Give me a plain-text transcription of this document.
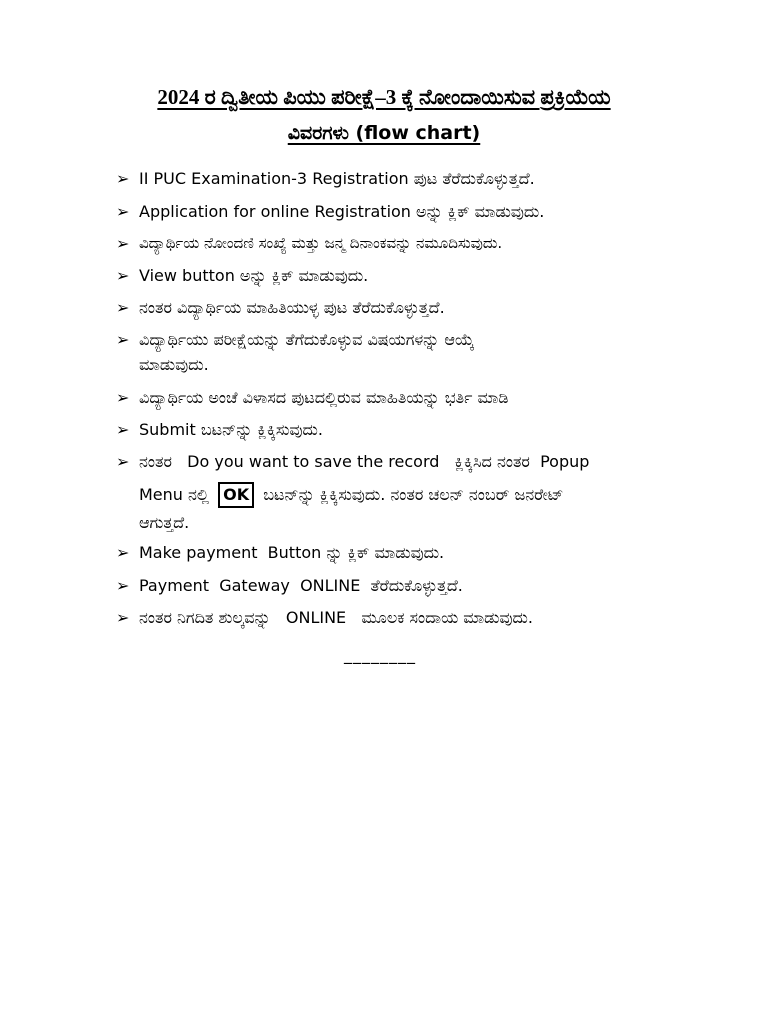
2024 ರ ದ್ವಿತೀಯ ಪಿಯು ಪರೀಕ್ಷೆ–3 ಕ್ಕೆ ನೋಂದಾಯಿಸುವ ಪ್ರಕ್ರಿಯೆಯ
ವಿವರಗಳು (flow chart)
➢ II PUC Examination-3 Registration ಪುಟ ತೆರೆದುಕೊಳ್ಳುತ್ತದೆ.
➢ Application for online Registration ಅನ್ನು ಕ್ಲಿಕ್ ಮಾಡುವುದು.
➢ ವಿದ್ಯಾರ್ಥಿಯ ನೋಂದಣಿ ಸಂಖ್ಯೆ ಮತ್ತು ಜನ್ಮ ದಿನಾಂಕವನ್ನು ನಮೂದಿಸುವುದು.
➢ View button ಅನ್ನು ಕ್ಲಿಕ್ ಮಾಡುವುದು.
➢ ನಂತರ ವಿದ್ಯಾರ್ಥಿಯ ಮಾಹಿತಿಯುಳ್ಳ ಪುಟ ತೆರೆದುಕೊಳ್ಳುತ್ತದೆ.
➢ ವಿದ್ಯಾರ್ಥಿಯು ಪರೀಕ್ಷೆಯನ್ನು ತೆಗೆದುಕೊಳ್ಳುವ ವಿಷಯಗಳನ್ನು ಆಯ್ಕೆ
ಮಾಡುವುದು.
➢ ವಿದ್ಯಾರ್ಥಿಯ ಅಂಚೆ ವಿಳಾಸದ ಪುಟದಲ್ಲಿರುವ ಮಾಹಿತಿಯನ್ನು ಭರ್ತಿ ಮಾಡಿ
➢ Submit ಬಟನ್‌ನ್ನು ಕ್ಲಿಕ್ಕಿಸುವುದು.
➢ ನಂತರ   Do you want to save the record   ಕ್ಲಿಕ್ಕಿಸಿದ ನಂತರ  Popup
Menu ನಲ್ಲಿ OK ಬಟನ್‌ನ್ನು ಕ್ಲಿಕ್ಕಿಸುವುದು. ನಂತರ ಚಲನ್ ನಂಬರ್ ಜನರೇಟ್
ಆಗುತ್ತದೆ.
➢ Make payment  Button ನ್ನು ಕ್ಲಿಕ್ ಮಾಡುವುದು.
➢ Payment  Gateway  ONLINE  ತೆರೆದುಕೊಳ್ಳುತ್ತದೆ.
➢ ನಂತರ ನಿಗದಿತ ಶುಲ್ಕವನ್ನು   ONLINE   ಮೂಲಕ ಸಂದಾಯ ಮಾಡುವುದು.
________
